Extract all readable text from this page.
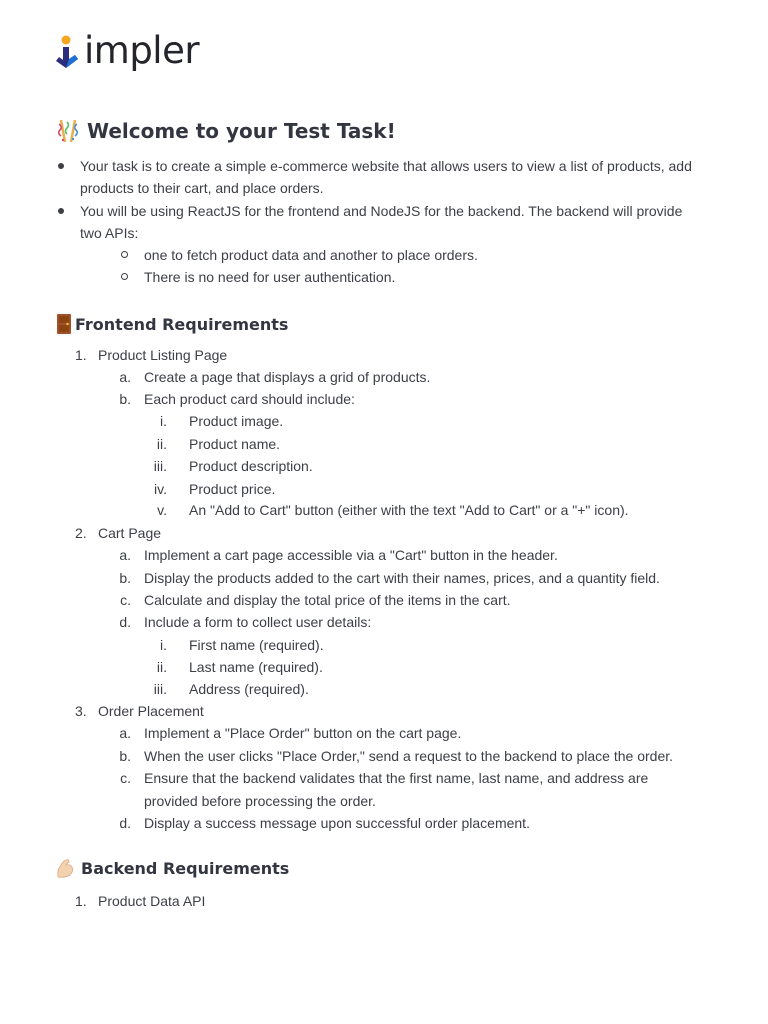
impler
Welcome to your Test Task!
Your task is to create a simple e-commerce website that allows users to view a list of products, add
products to their cart, and place orders.
You will be using ReactJS for the frontend and NodeJS for the backend. The backend will provide
two APIs:
one to fetch product data and another to place orders.
There is no need for user authentication.
Frontend Requirements
1. Product Listing Page
a. Create a page that displays a grid of products.
b. Each product card should include:
i. Product image.
ii. Product name.
iii. Product description.
iv. Product price.
v. An "Add to Cart" button (either with the text "Add to Cart" or a "+" icon).
2. Cart Page
a. Implement a cart page accessible via a "Cart" button in the header.
b. Display the products added to the cart with their names, prices, and a quantity field.
c. Calculate and display the total price of the items in the cart.
d. Include a form to collect user details:
i. First name (required).
ii. Last name (required).
iii. Address (required).
3. Order Placement
a. Implement a "Place Order" button on the cart page.
b. When the user clicks "Place Order," send a request to the backend to place the order.
c. Ensure that the backend validates that the first name, last name, and address are
provided before processing the order.
d. Display a success message upon successful order placement.
Backend Requirements
1. Product Data API
